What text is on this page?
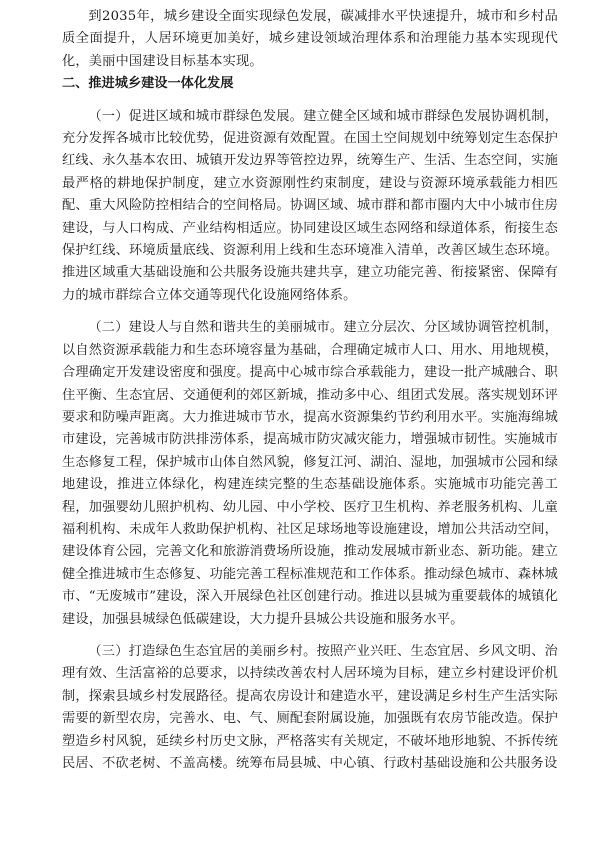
到2035年，城乡建设全面实现绿色发展，碳减排水平快速提升，城市和乡村品质全面提升，人居环境更加美好，城乡建设领域治理体系和治理能力基本实现现代化，美丽中国建设目标基本实现。

二、推进城乡建设一体化发展

（一）促进区域和城市群绿色发展。建立健全区域和城市群绿色发展协调机制，充分发挥各城市比较优势，促进资源有效配置。在国土空间规划中统筹划定生态保护红线、永久基本农田、城镇开发边界等管控边界，统筹生产、生活、生态空间，实施最严格的耕地保护制度，建立水资源刚性约束制度，建设与资源环境承载能力相匹配、重大风险防控相结合的空间格局。协调区域、城市群和都市圈内大中小城市住房建设，与人口构成、产业结构相适应。协同建设区域生态网络和绿道体系，衔接生态保护红线、环境质量底线、资源利用上线和生态环境准入清单，改善区域生态环境。推进区域重大基础设施和公共服务设施共建共享，建立功能完善、衔接紧密、保障有力的城市群综合立体交通等现代化设施网络体系。

（二）建设人与自然和谐共生的美丽城市。建立分层次、分区域协调管控机制，以自然资源承载能力和生态环境容量为基础，合理确定城市人口、用水、用地规模，合理确定开发建设密度和强度。提高中心城市综合承载能力，建设一批产城融合、职住平衡、生态宜居、交通便利的郊区新城，推动多中心、组团式发展。落实规划环评要求和防噪声距离。大力推进城市节水，提高水资源集约节约利用水平。实施海绵城市建设，完善城市防洪排涝体系，提高城市防灾减灾能力，增强城市韧性。实施城市生态修复工程，保护城市山体自然风貌，修复江河、湖泊、湿地，加强城市公园和绿地建设，推进立体绿化，构建连续完整的生态基础设施体系。实施城市功能完善工程，加强婴幼儿照护机构、幼儿园、中小学校、医疗卫生机构、养老服务机构、儿童福利机构、未成年人救助保护机构、社区足球场地等设施建设，增加公共活动空间，建设体育公园，完善文化和旅游消费场所设施，推动发展城市新业态、新功能。建立健全推进城市生态修复、功能完善工程标准规范和工作体系。推动绿色城市、森林城市、“无废城市”建设，深入开展绿色社区创建行动。推进以县城为重要载体的城镇化建设，加强县城绿色低碳建设，大力提升县城公共设施和服务水平。

（三）打造绿色生态宜居的美丽乡村。按照产业兴旺、生态宜居、乡风文明、治理有效、生活富裕的总要求，以持续改善农村人居环境为目标，建立乡村建设评价机制，探索县域乡村发展路径。提高农房设计和建造水平，建设满足乡村生产生活实际需要的新型农房，完善水、电、气、厕配套附属设施，加强既有农房节能改造。保护塑造乡村风貌，延续乡村历史文脉，严格落实有关规定，不破坏地形地貌、不拆传统民居、不砍老树、不盖高楼。统筹布局县城、中心镇、行政村基础设施和公共服务设
